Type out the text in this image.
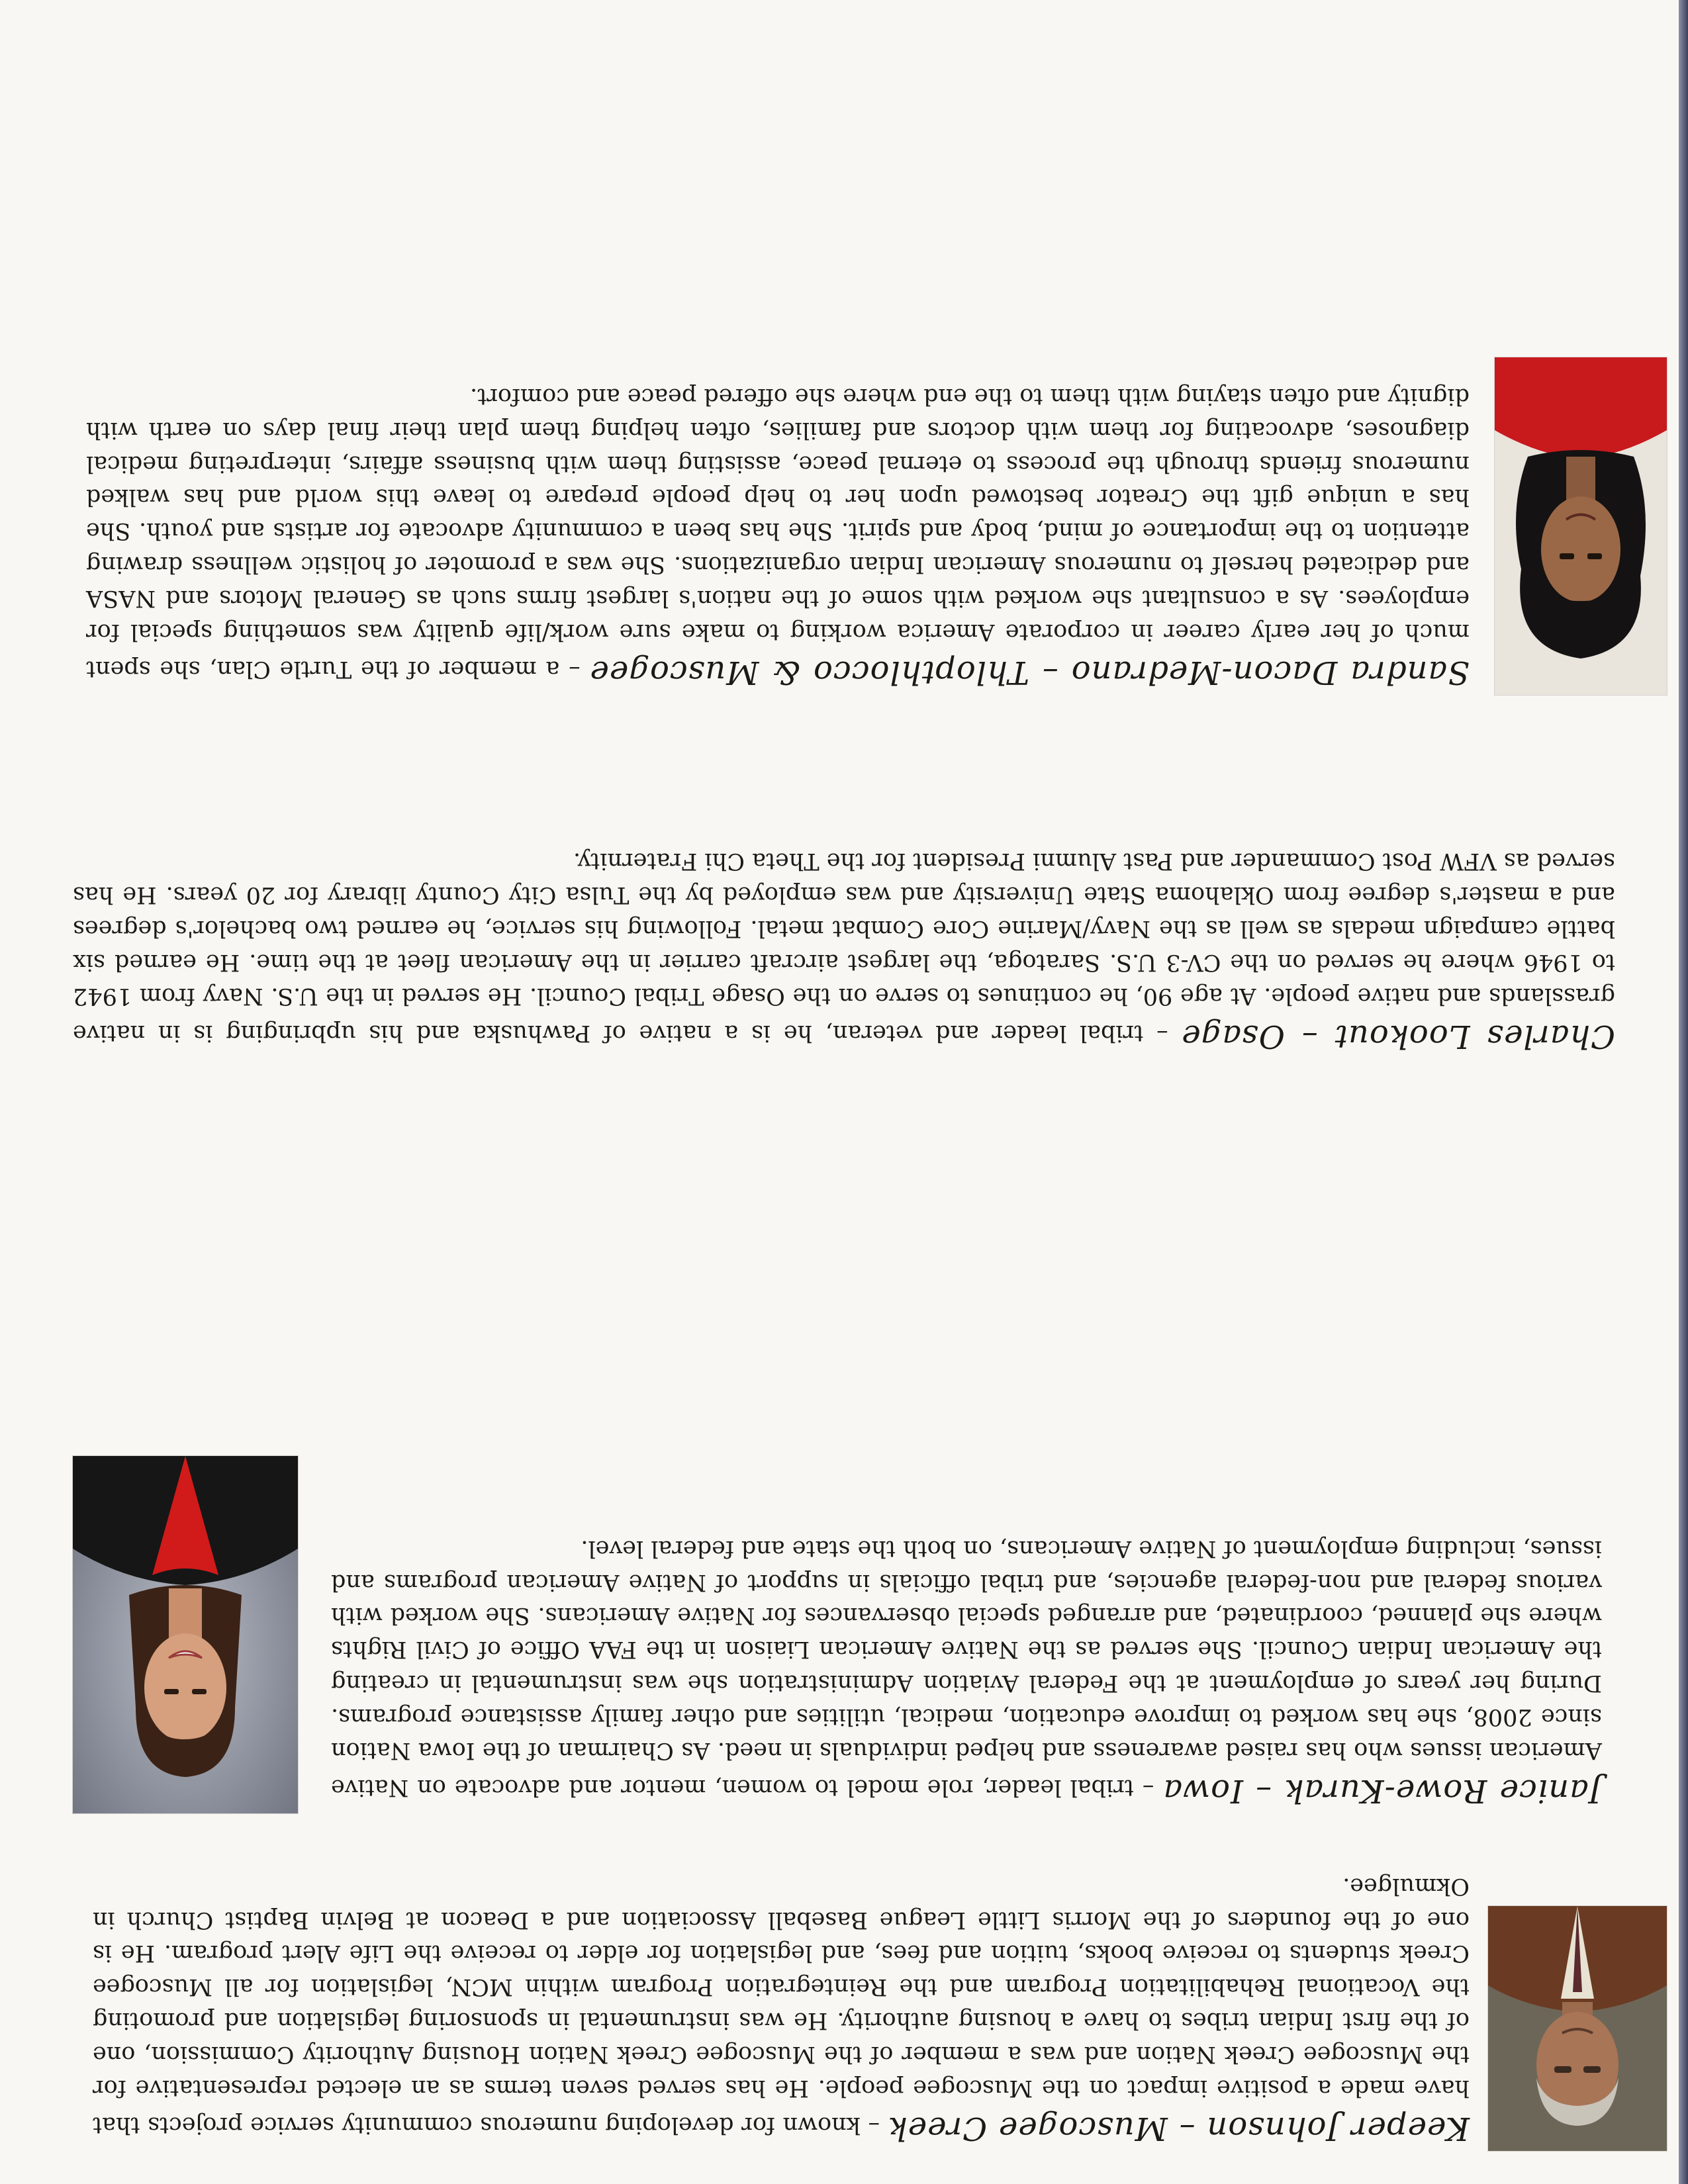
Keeper Johnson – Muscogee Creek – known for developing numerous community service projects that have made a positive impact on the Muscogee people. He has served seven terms as an elected representative for the Muscogee Creek Nation and was a member of the Muscogee Creek Nation Housing Authority Commission, one of the first Indian tribes to have a housing authority. He was instrumental in sponsoring legislation and promoting the Vocational Rehabilitation Program and the Reintegration Program within MCN, legislation for all Muscogee Creek students to receive books, tuition and fees, and legislation for elder to receive the Life Alert program. He is one of the founders of the Morris Little League Baseball Association and a Deacon at Belvin Baptist Church in Okmulgee.

Janice Rowe-Kurak – Iowa – tribal leader, role model to women, mentor and advocate on Native American issues who has raised awareness and helped individuals in need. As Chairman of the Iowa Nation since 2008, she has worked to improve education, medical, utilities and other family assistance programs. During her years of employment at the Federal Aviation Administration she was instrumental in creating the American Indian Council. She served as the Native American Liaison in the FAA Office of Civil Rights where she planned, coordinated, and arranged special observances for Native Americans. She worked with various federal and non-federal agencies, and tribal officials in support of Native American programs and issues, including employment of Native Americans, on both the state and federal level.

Charles Lookout – Osage – tribal leader and veteran, he is a native of Pawhuska and his upbringing is in native grasslands and native people. At age 90, he continues to serve on the Osage Tribal Council. He served in the U.S. Navy from 1942 to 1946 where he served on the CV-3 U.S. Saratoga, the largest aircraft carrier in the American fleet at the time. He earned six battle campaign medals as well as the Navy/Marine Core Combat metal. Following his service, he earned two bachelor's degrees and a master's degree from Oklahoma State University and was employed by the Tulsa City County library for 20 years. He has served as VFW Post Commander and Past Alumni President for the Theta Chi Fraternity.

Sandra Dacon-Medrano – Thlopthlocco & Muscogee – a member of the Turtle Clan, she spent much of her early career in corporate America working to make sure work/life quality was something special for employees. As a consultant she worked with some of the nation's largest firms such as General Motors and NASA and dedicated herself to numerous American Indian organizations. She was a promoter of holistic wellness drawing attention to the importance of mind, body and spirit. She has been a community advocate for artists and youth. She has a unique gift the Creator bestowed upon her to help people prepare to leave this world and has walked numerous friends through the process to eternal peace, assisting them with business affairs, interpreting medical diagnoses, advocating for them with doctors and families, often helping them plan their final days on earth with dignity and often staying with them to the end where she offered peace and comfort.
